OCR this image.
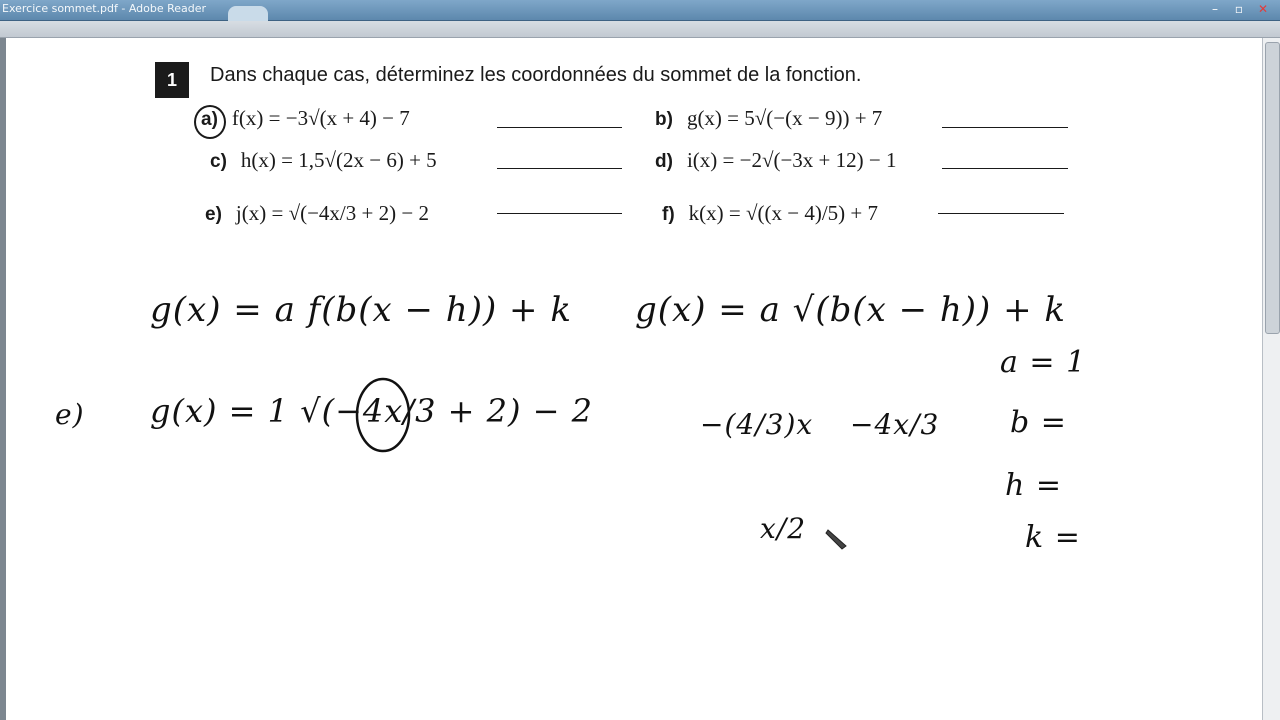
Exercice sommet.pdf - Adobe Reader	–	▫	✕
1	Dans chaque cas, déterminez les coordonnées du sommet de la fonction.
a) f(x) = −3√(x + 4) − 7	b) g(x) = 5√(−(x − 9)) + 7
c) h(x) = 1,5√(2x − 6) + 5	d) i(x) = −2√(−3x + 12) − 1
e) j(x) = √(−4x/3 + 2) − 2	f) k(x) = √((x − 4)/5) + 7
g(x) = a f(b(x − h)) + k g(x) = a √(b(x − h)) + k
e) g(x) = 1 √(−4x/3 + 2) − 2	−(4/3)x −4x/3
x/2
a = 1
b =
h =
k =
